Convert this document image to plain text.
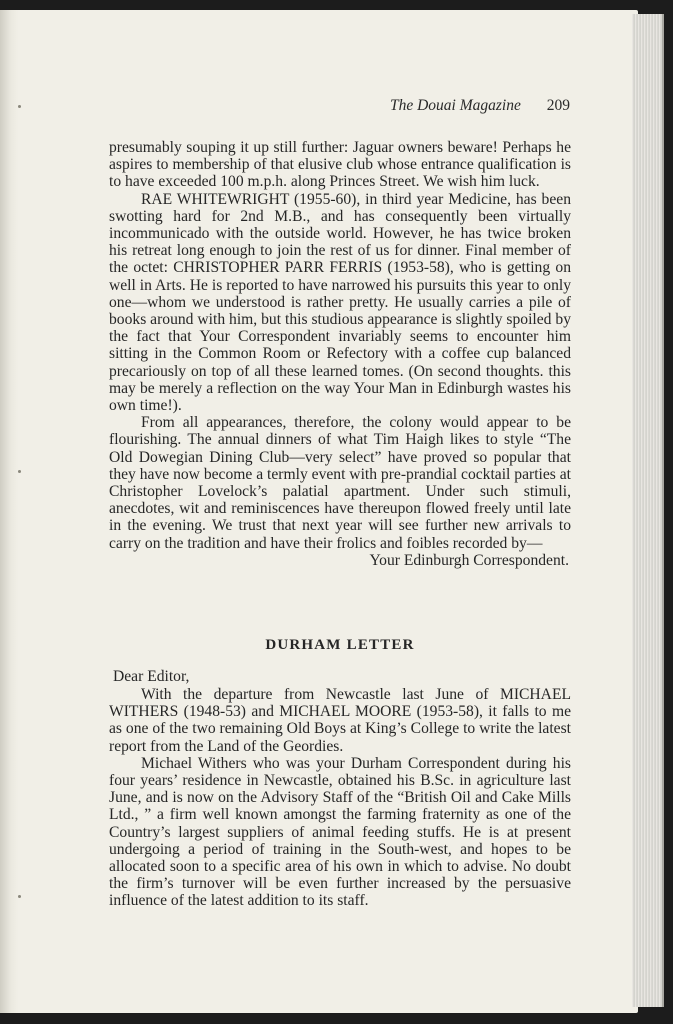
The Douai Magazine 209

presumably souping it up still further: Jaguar owners beware! Perhaps he aspires to membership of that elusive club whose entrance qualification is to have exceeded 100 m.p.h. along Princes Street. We wish him luck.

RAE WHITEWRIGHT (1955-60), in third year Medicine, has been swotting hard for 2nd M.B., and has consequently been virtually incommunicado with the outside world. However, he has twice broken his retreat long enough to join the rest of us for dinner. Final member of the octet: CHRISTOPHER PARR FERRIS (1953-58), who is getting on well in Arts. He is reported to have narrowed his pursuits this year to only one—whom we understood is rather pretty. He usually carries a pile of books around with him, but this studious appearance is slightly spoiled by the fact that Your Correspondent invariably seems to encounter him sitting in the Common Room or Refectory with a coffee cup balanced precariously on top of all these learned tomes. (On second thoughts. this may be merely a reflection on the way Your Man in Edinburgh wastes his own time!).

From all appearances, therefore, the colony would appear to be flourishing. The annual dinners of what Tim Haigh likes to style “The Old Dowegian Dining Club—very select” have proved so popular that they have now become a termly event with pre-prandial cocktail parties at Christopher Lovelock’s palatial apartment. Under such stimuli, anecdotes, wit and reminiscences have thereupon flowed freely until late in the evening. We trust that next year will see further new arrivals to carry on the tradition and have their frolics and foibles recorded by—

Your Edinburgh Correspondent.

DURHAM LETTER
Dear Editor,

With the departure from Newcastle last June of MICHAEL WITHERS (1948-53) and MICHAEL MOORE (1953-58), it falls to me as one of the two remaining Old Boys at King’s College to write the latest report from the Land of the Geordies.

Michael Withers who was your Durham Correspondent during his four years’ residence in Newcastle, obtained his B.Sc. in agriculture last June, and is now on the Advisory Staff of the “British Oil and Cake Mills Ltd., ” a firm well known amongst the farming fraternity as one of the Country’s largest suppliers of animal feeding stuffs. He is at present undergoing a period of training in the South-west, and hopes to be allocated soon to a specific area of his own in which to advise. No doubt the firm’s turnover will be even further increased by the persuasive influence of the latest addition to its staff.
